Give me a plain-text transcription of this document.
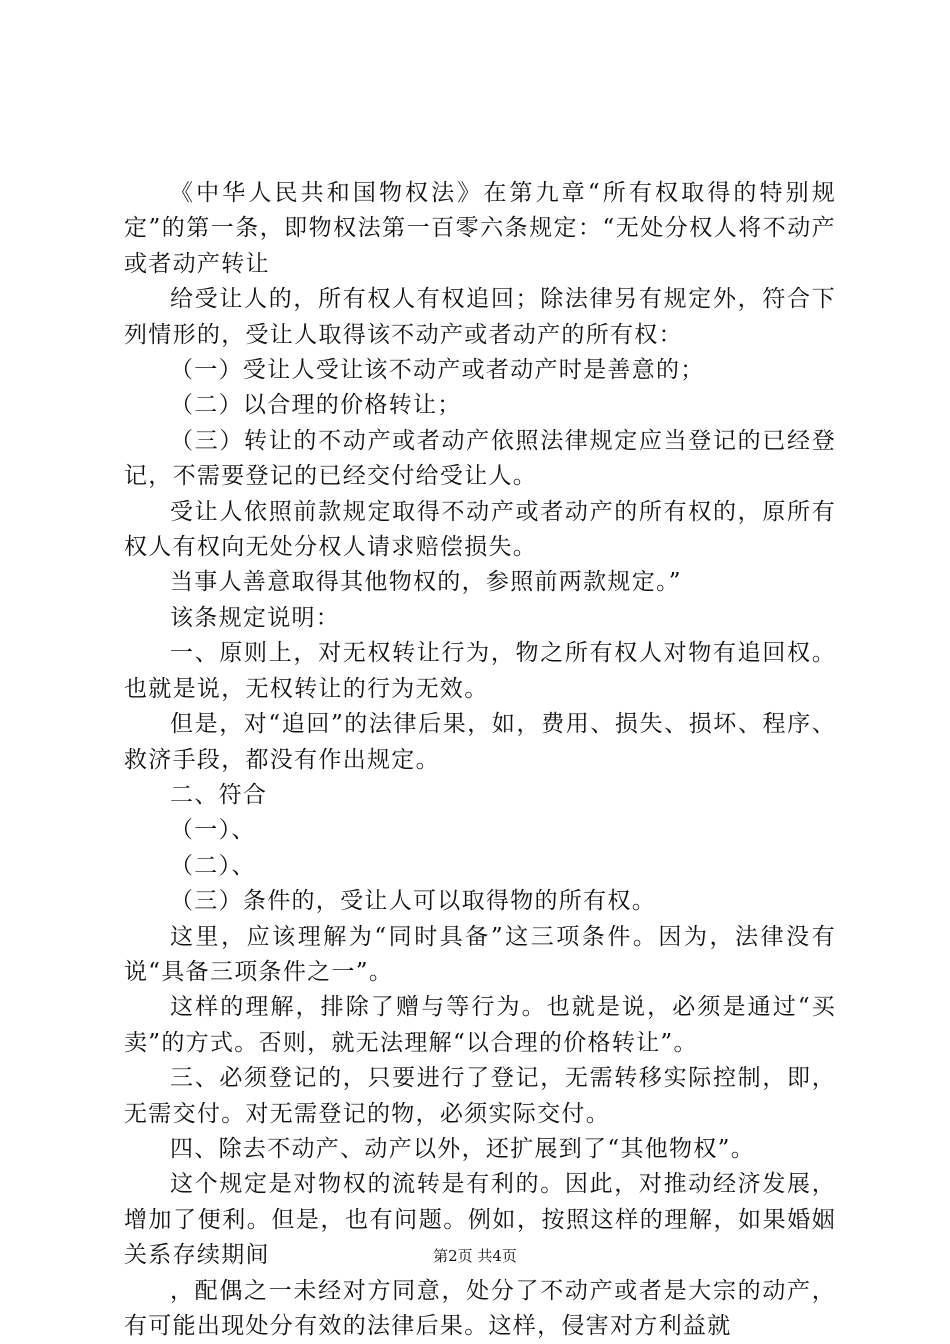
《中华人民共和国物权法》在第九章“所有权取得的特别规定”的第一条，即物权法第一百零六条规定：“无处分权人将不动产或者动产转让

给受让人的，所有权人有权追回；除法律另有规定外，符合下列情形的，受让人取得该不动产或者动产的所有权：

（一）受让人受让该不动产或者动产时是善意的；

（二）以合理的价格转让；

（三）转让的不动产或者动产依照法律规定应当登记的已经登记，不需要登记的已经交付给受让人。

受让人依照前款规定取得不动产或者动产的所有权的，原所有权人有权向无处分权人请求赔偿损失。

当事人善意取得其他物权的，参照前两款规定。”

该条规定说明：

一、原则上，对无权转让行为，物之所有权人对物有追回权。也就是说，无权转让的行为无效。

但是，对“追回”的法律后果，如，费用、损失、损坏、程序、救济手段，都没有作出规定。

二、符合

（一）、

（二）、

（三）条件的，受让人可以取得物的所有权。

这里，应该理解为“同时具备”这三项条件。因为，法律没有说“具备三项条件之一”。

这样的理解，排除了赠与等行为。也就是说，必须是通过“买卖”的方式。否则，就无法理解“以合理的价格转让”。

三、必须登记的，只要进行了登记，无需转移实际控制，即，无需交付。对无需登记的物，必须实际交付。

四、除去不动产、动产以外，还扩展到了“其他物权”。

这个规定是对物权的流转是有利的。因此，对推动经济发展，增加了便利。但是，也有问题。例如，按照这样的理解，如果婚姻关系存续期间

，配偶之一未经对方同意，处分了不动产或者是大宗的动产，有可能出现处分有效的法律后果。这样，侵害对方利益就

第2页 共4页
